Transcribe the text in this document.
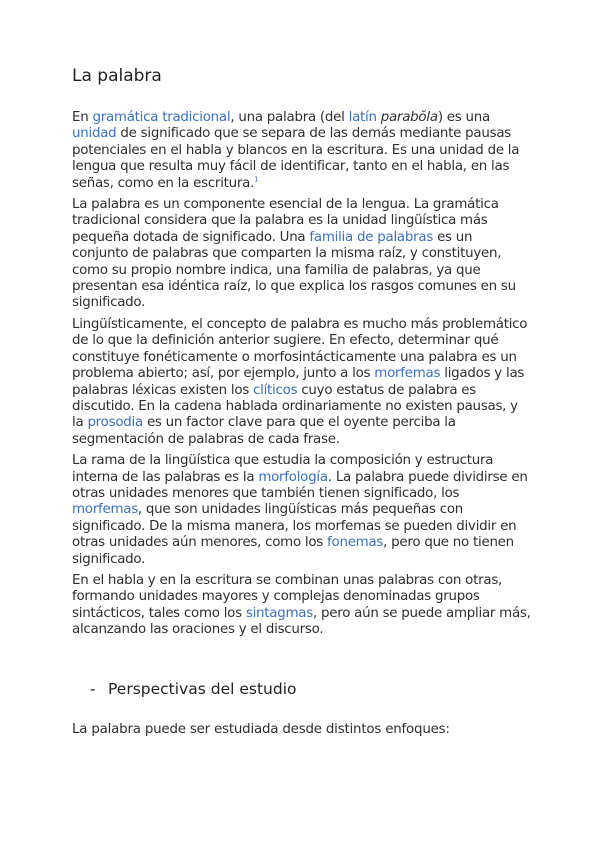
La palabra

En gramática tradicional, una palabra (del latín parabŏla) es una unidad de significado que se separa de las demás mediante pausas potenciales en el habla y blancos en la escritura. Es una unidad de la lengua que resulta muy fácil de identificar, tanto en el habla, en las señas, como en la escritura.$^1$

La palabra es un componente esencial de la lengua. La gramática tradicional considera que la palabra es la unidad lingüística más pequeña dotada de significado. Una familia de palabras es un conjunto de palabras que comparten la misma raíz, y constituyen, como su propio nombre indica, una familia de palabras, ya que presentan esa idéntica raíz, lo que explica los rasgos comunes en su significado.

Lingüísticamente, el concepto de palabra es mucho más problemático de lo que la definición anterior sugiere. En efecto, determinar qué constituye fonéticamente o morfosintácticamente una palabra es un problema abierto; así, por ejemplo, junto a los morfemas ligados y las palabras léxicas existen los clíticos cuyo estatus de palabra es discutido. En la cadena hablada ordinariamente no existen pausas, y la prosodia es un factor clave para que el oyente perciba la segmentación de palabras de cada frase.

La rama de la lingüística que estudia la composición y estructura interna de las palabras es la morfología. La palabra puede dividirse en otras unidades menores que también tienen significado, los morfemas, que son unidades lingüísticas más pequeñas con significado. De la misma manera, los morfemas se pueden dividir en otras unidades aún menores, como los fonemas, pero que no tienen significado.

En el habla y en la escritura se combinan unas palabras con otras, formando unidades mayores y complejas denominadas grupos sintácticos, tales como los sintagmas, pero aún se puede ampliar más, alcanzando las oraciones y el discurso.

- Perspectivas del estudio

La palabra puede ser estudiada desde distintos enfoques:
